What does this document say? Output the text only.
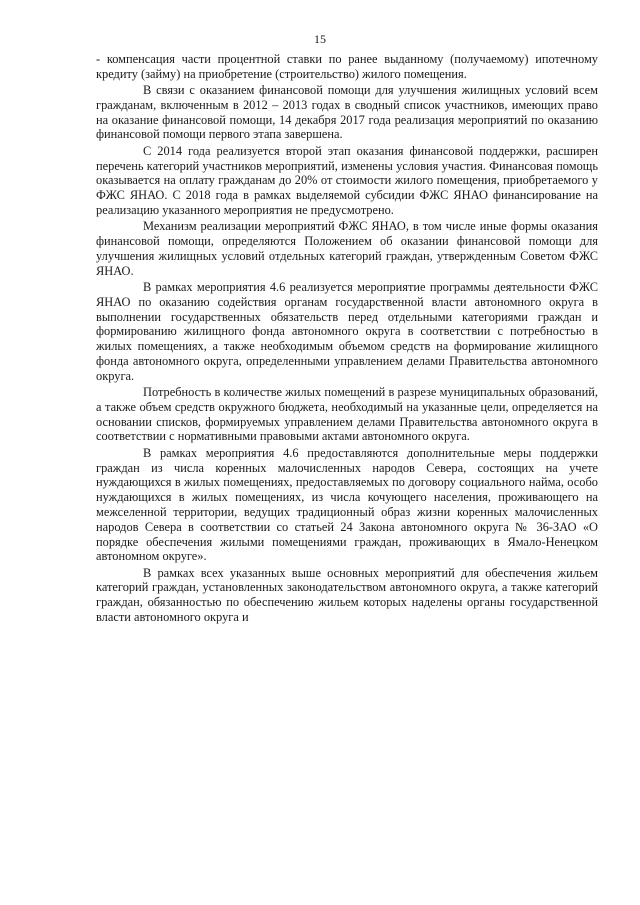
15

- компенсация части процентной ставки по ранее выданному (получаемому) ипотечному кредиту (займу) на приобретение (строительство) жилого помещения.

В связи с оказанием финансовой помощи для улучшения жилищных условий всем гражданам, включенным в 2012 – 2013 годах в сводный список участников, имеющих право на оказание финансовой помощи, 14 декабря 2017 года реализация мероприятий по оказанию финансовой помощи первого этапа завершена.

С 2014 года реализуется второй этап оказания финансовой поддержки, расширен перечень категорий участников мероприятий, изменены условия участия. Финансовая помощь оказывается на оплату гражданам до 20% от стоимости жилого помещения, приобретаемого у ФЖС ЯНАО. С 2018 года в рамках выделяемой субсидии ФЖС ЯНАО финансирование на реализацию указанного мероприятия не предусмотрено.

Механизм реализации мероприятий ФЖС ЯНАО, в том числе иные формы оказания финансовой помощи, определяются Положением об оказании финансовой помощи для улучшения жилищных условий отдельных категорий граждан, утвержденным Советом ФЖС ЯНАО.

В рамках мероприятия 4.6 реализуется мероприятие программы деятельности ФЖС ЯНАО по оказанию содействия органам государственной власти автономного округа в выполнении государственных обязательств перед отдельными категориями граждан и формированию жилищного фонда автономного округа в соответствии с потребностью в жилых помещениях, а также необходимым объемом средств на формирование жилищного фонда автономного округа, определенными управлением делами Правительства автономного округа.

Потребность в количестве жилых помещений в разрезе муниципальных образований, а также объем средств окружного бюджета, необходимый на указанные цели, определяется на основании списков, формируемых управлением делами Правительства автономного округа в соответствии с нормативными правовыми актами автономного округа.

В рамках мероприятия 4.6 предоставляются дополнительные меры поддержки граждан из числа коренных малочисленных народов Севера, состоящих на учете нуждающихся в жилых помещениях, предоставляемых по договору социального найма, особо нуждающихся в жилых помещениях, из числа кочующего населения, проживающего на межселенной территории, ведущих традиционный образ жизни коренных малочисленных народов Севера в соответствии со статьей 24 Закона автономного округа № 36-ЗАО «О порядке обеспечения жилыми помещениями граждан, проживающих в Ямало-Ненецком автономном округе».

В рамках всех указанных выше основных мероприятий для обеспечения жильем категорий граждан, установленных законодательством автономного округа, а также категорий граждан, обязанностью по обеспечению жильем которых наделены органы государственной власти автономного округа и
